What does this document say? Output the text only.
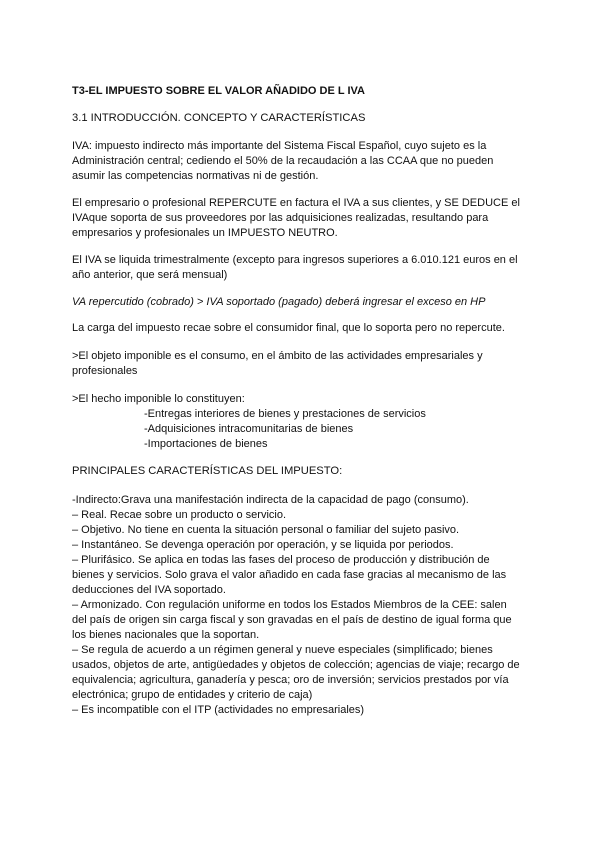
T3-EL IMPUESTO SOBRE EL VALOR AÑADIDO DE L IVA
3.1 INTRODUCCIÓN. CONCEPTO Y CARACTERÍSTICAS
IVA: impuesto indirecto más importante del Sistema Fiscal Español, cuyo sujeto es la
Administración central; cediendo el 50% de la recaudación a las CCAA que no pueden
asumir las competencias normativas ni de gestión.
El empresario o profesional REPERCUTE en factura el IVA a sus clientes, y SE DEDUCE el
IVAque soporta de sus proveedores por las adquisiciones realizadas, resultando para
empresarios y profesionales un IMPUESTO NEUTRO.
El IVA se liquida trimestralmente (excepto para ingresos superiores a 6.010.121 euros en el
año anterior, que será mensual)
VA repercutido (cobrado) > IVA soportado (pagado) deberá ingresar el exceso en HP
La carga del impuesto recae sobre el consumidor final, que lo soporta pero no repercute.
>El objeto imponible es el consumo, en el ámbito de las actividades empresariales y
profesionales
>El hecho imponible lo constituyen:
-Entregas interiores de bienes y prestaciones de servicios
-Adquisiciones intracomunitarias de bienes
-Importaciones de bienes
PRINCIPALES CARACTERÍSTICAS DEL IMPUESTO:
-Indirecto:Grava una manifestación indirecta de la capacidad de pago (consumo).
– Real. Recae sobre un producto o servicio.
– Objetivo. No tiene en cuenta la situación personal o familiar del sujeto pasivo.
– Instantáneo. Se devenga operación por operación, y se liquida por periodos.
– Plurifásico. Se aplica en todas las fases del proceso de producción y distribución de
bienes y servicios. Solo grava el valor añadido en cada fase gracias al mecanismo de las
deducciones del IVA soportado.
– Armonizado. Con regulación uniforme en todos los Estados Miembros de la CEE: salen
del país de origen sin carga fiscal y son gravadas en el país de destino de igual forma que
los bienes nacionales que la soportan.
– Se regula de acuerdo a un régimen general y nueve especiales (simplificado; bienes
usados, objetos de arte, antigüedades y objetos de colección; agencias de viaje; recargo de
equivalencia; agricultura, ganadería y pesca; oro de inversión; servicios prestados por vía
electrónica; grupo de entidades y criterio de caja)
– Es incompatible con el ITP (actividades no empresariales)
